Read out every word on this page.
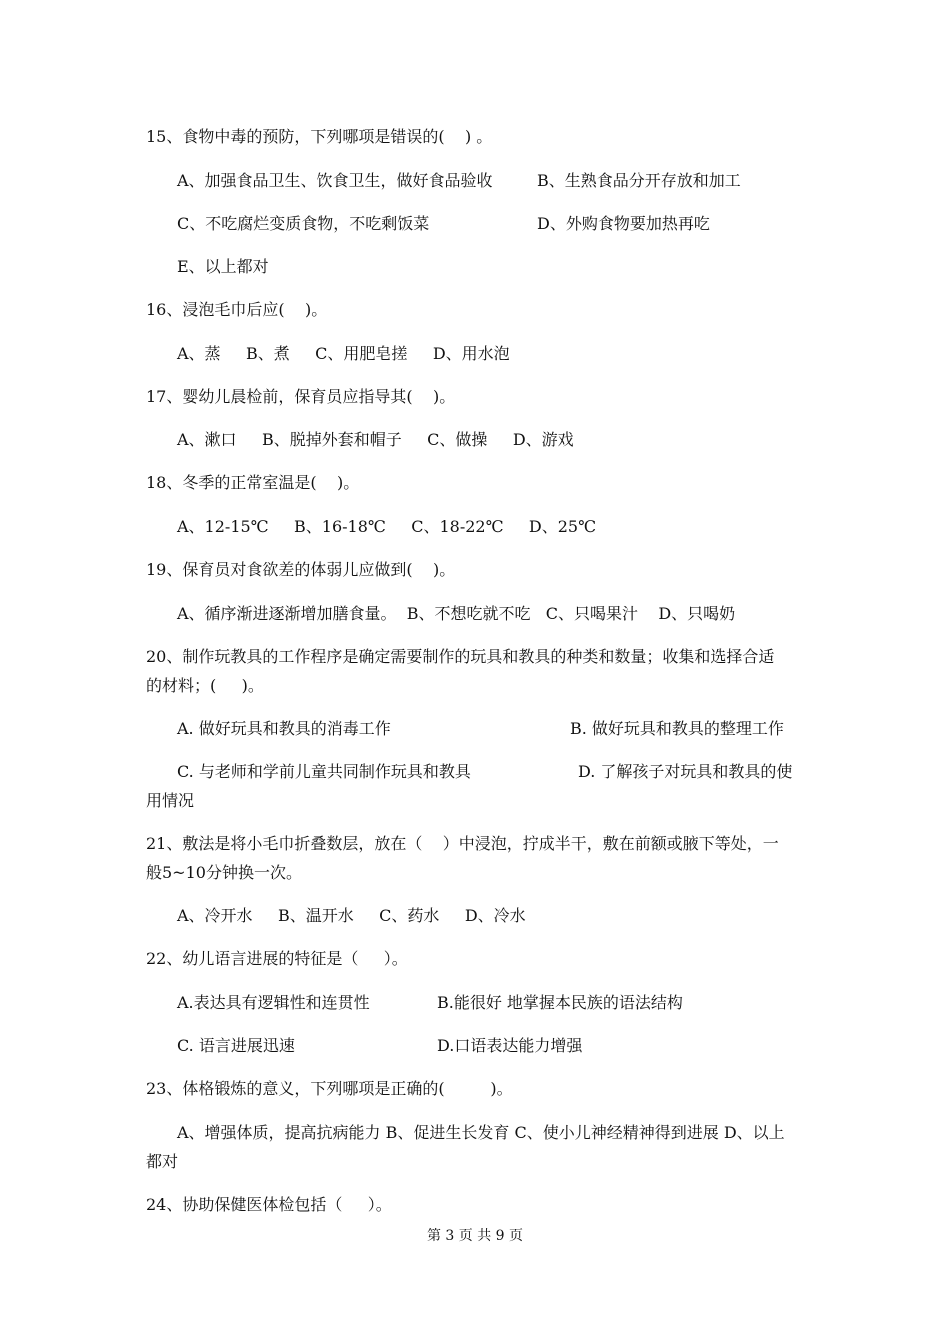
15、食物中毒的预防，下列哪项是错误的(    ) 。
A、加强食品卫生、饮食卫生，做好食品验收	B、生熟食品分开存放和加工
C、不吃腐烂变质食物，不吃剩饭菜	D、外购食物要加热再吃
E、以上都对
16、浸泡毛巾后应(    )。
A、蒸     B、煮     C、用肥皂搓     D、用水泡
17、婴幼儿晨检前，保育员应指导其(    )。
A、漱口     B、脱掉外套和帽子     C、做操     D、游戏
18、冬季的正常室温是(    )。
A、12-15℃     B、16-18℃     C、18-22℃     D、25℃
19、保育员对食欲差的体弱儿应做到(    )。
A、循序渐进逐渐增加膳食量。  B、不想吃就不吃   C、只喝果汁    D、只喝奶
20、制作玩教具的工作程序是确定需要制作的玩具和教具的种类和数量；收集和选择合适
的材料；(     )。
A. 做好玩具和教具的消毒工作	B. 做好玩具和教具的整理工作
C. 与老师和学前儿童共同制作玩具和教具	D. 了解孩子对玩具和教具的使
用情况
21、敷法是将小毛巾折叠数层，放在（    ）中浸泡，拧成半干，敷在前额或腋下等处，一
般5~10分钟换一次。
A、冷开水     B、温开水     C、药水     D、冷水
22、幼儿语言进展的特征是（     ）。
A.表达具有逻辑性和连贯性	B.能很好 地掌握本民族的语法结构
C. 语言进展迅速	D.口语表达能力增强
23、体格锻炼的意义，下列哪项是正确的(         )。
A、增强体质，提高抗病能力 B、促进生长发育 C、使小儿神经精神得到进展 D、以上
都对
24、协助保健医体检包括（     ）。
第 3 页 共 9 页
